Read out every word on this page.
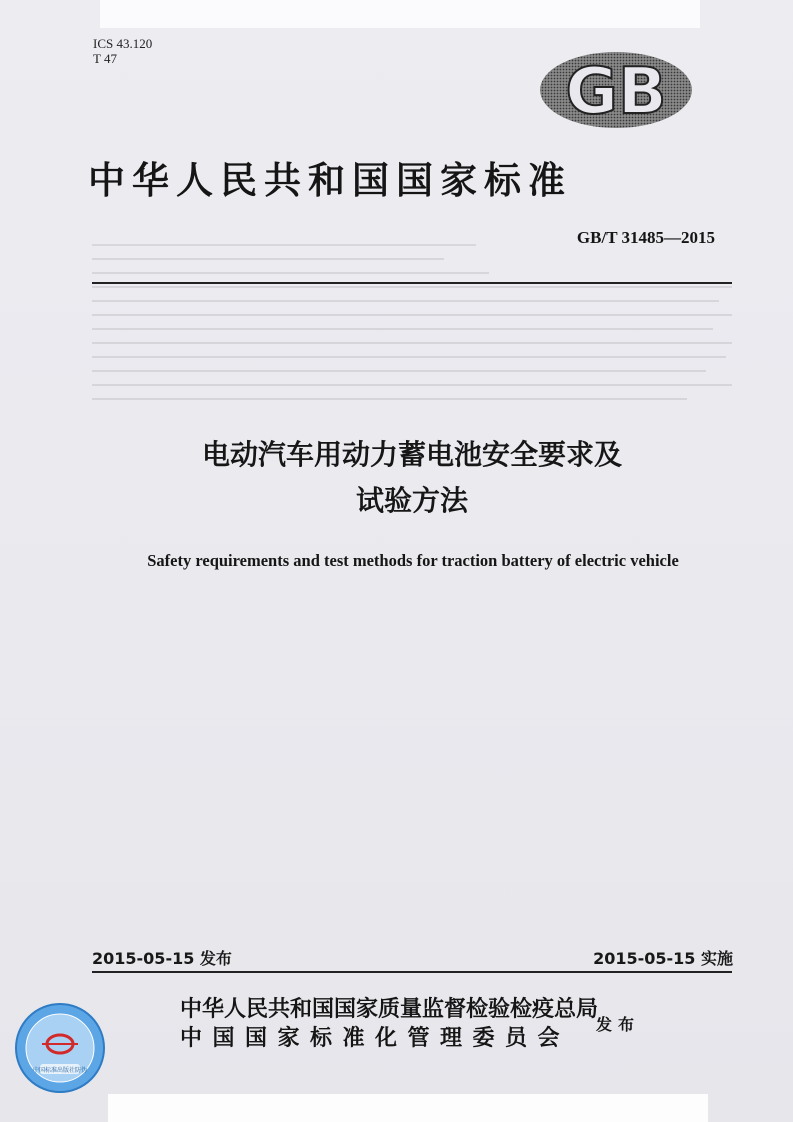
ICS 43.120
T 47	GB
中华人民共和国国家标准
GB/T 31485—2015
电动汽车用动力蓄电池安全要求及
试验方法
Safety requirements and test methods for traction battery of electric vehicle
2015-05-15 发布	2015-05-15 实施
中华人民共和国国家质量监督检验检疫总局
中国国家标准化管理委员会
发布
中国标准出版社防伪
